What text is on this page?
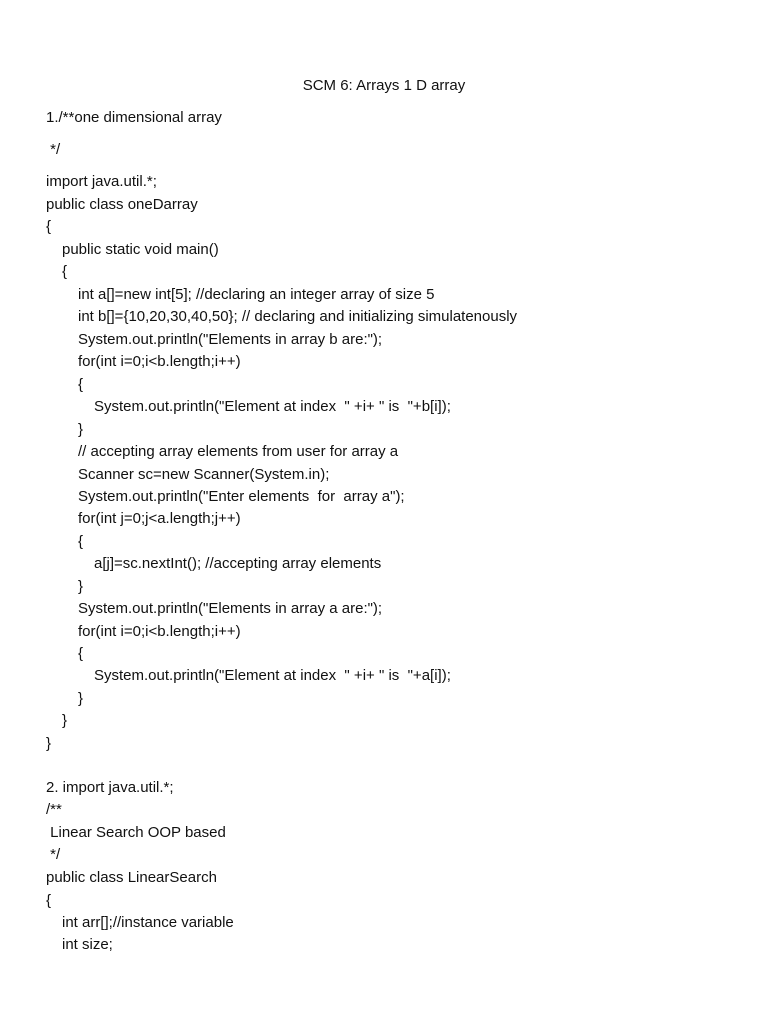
SCM 6: Arrays 1 D array
1./**one dimensional array
*/
import java.util.*;
public class oneDarray
{
public static void main()
{
int a[]=new int[5]; //declaring an integer array of size 5
int b[]={10,20,30,40,50}; // declaring and initializing simulatenously
System.out.println("Elements in array b are:");
for(int i=0;i<b.length;i++)
{
System.out.println("Element at index  " +i+ " is  "+b[i]);
}
// accepting array elements from user for array a
Scanner sc=new Scanner(System.in);
System.out.println("Enter elements  for  array a");
for(int j=0;j<a.length;j++)
{
a[j]=sc.nextInt(); //accepting array elements
}
System.out.println("Elements in array a are:");
for(int i=0;i<b.length;i++)
{
System.out.println("Element at index  " +i+ " is  "+a[i]);
}
}
}
2. import java.util.*;
/**
Linear Search OOP based
*/
public class LinearSearch
{
int arr[];//instance variable
int size;
